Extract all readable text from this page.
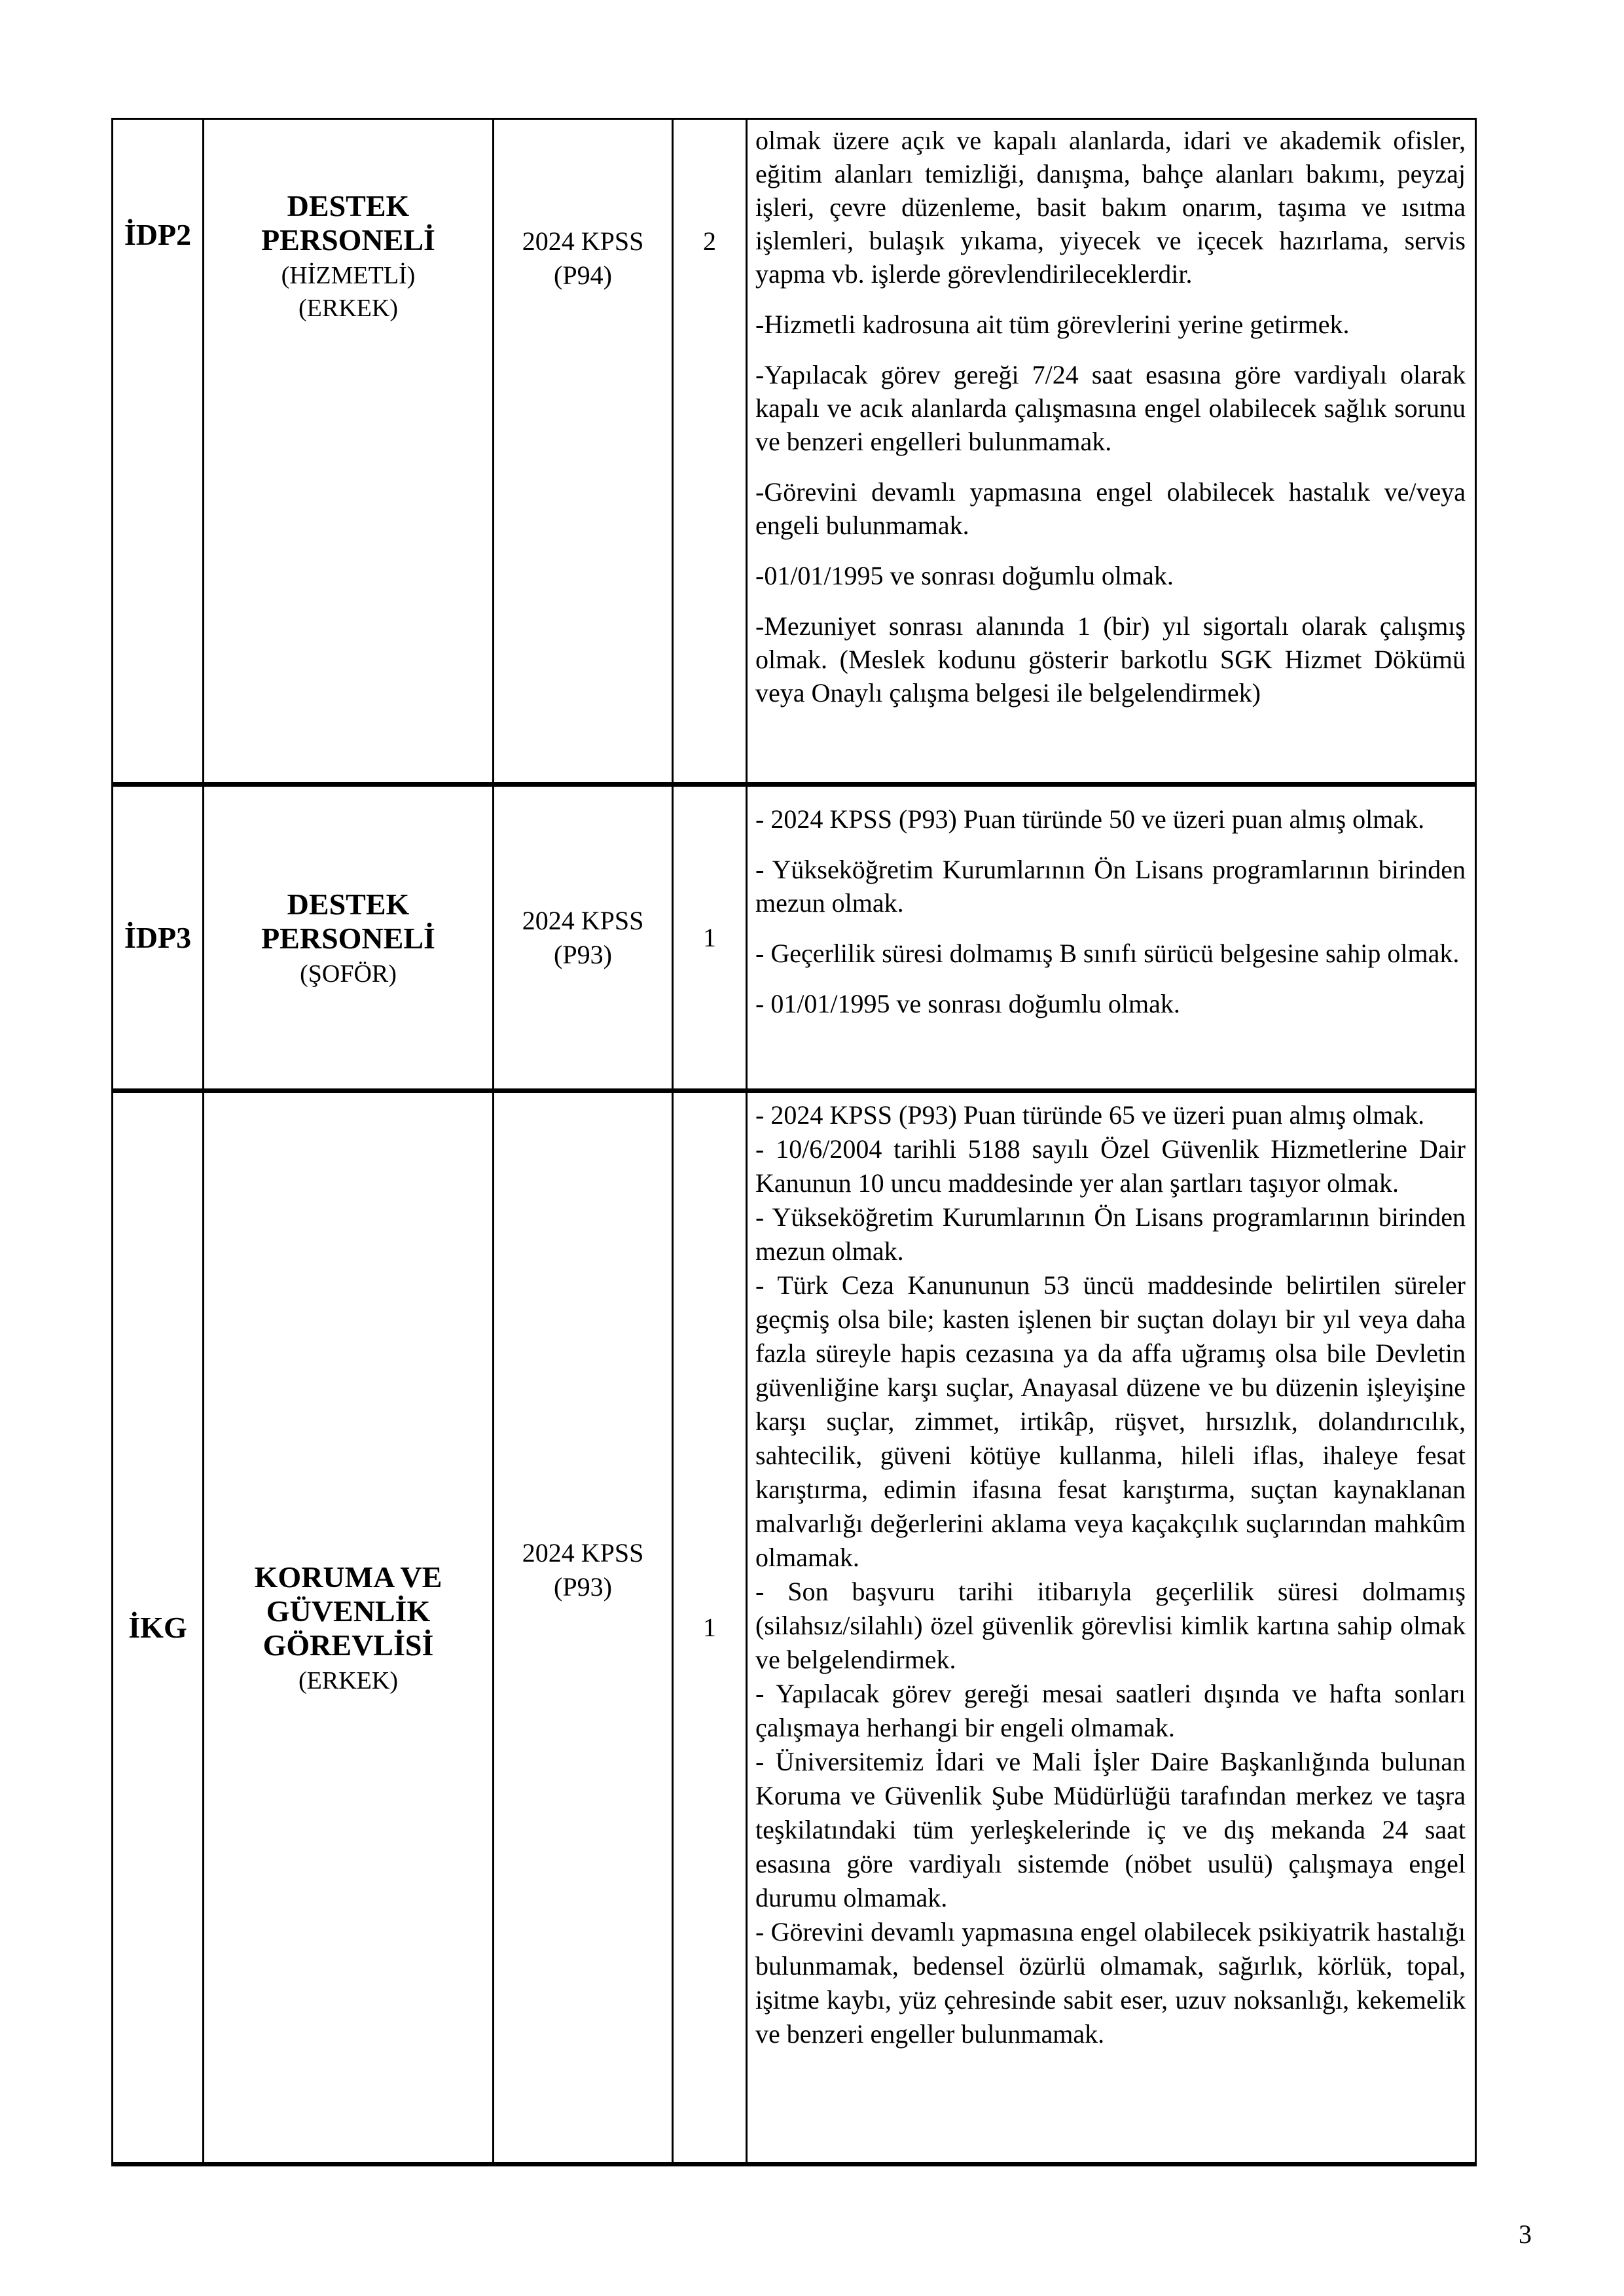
İDP2
DESTEK PERSONELİ
(HİZMETLİ)
(ERKEK)
2024 KPSS
(P94)
2

olmak üzere açık ve kapalı alanlarda, idari ve akademik ofisler, eğitim alanları temizliği, danışma, bahçe alanları bakımı, peyzaj işleri, çevre düzenleme, basit bakım onarım, taşıma ve ısıtma işlemleri, bulaşık yıkama, yiyecek ve içecek hazırlama, servis yapma vb. işlerde görevlendirileceklerdir.

-Hizmetli kadrosuna ait tüm görevlerini yerine getirmek.

-Yapılacak görev gereği 7/24 saat esasına göre vardiyalı olarak kapalı ve acık alanlarda çalışmasına engel olabilecek sağlık sorunu ve benzeri engelleri bulunmamak.

-Görevini devamlı yapmasına engel olabilecek hastalık ve/veya engeli bulunmamak.

-01/01/1995 ve sonrası doğumlu olmak.

-Mezuniyet sonrası alanında 1 (bir) yıl sigortalı olarak çalışmış olmak. (Meslek kodunu gösterir barkotlu SGK Hizmet Dökümü veya Onaylı çalışma belgesi ile belgelendirmek)

İDP3
DESTEK PERSONELİ
(ŞOFÖR)
2024 KPSS
(P93)
1

- 2024 KPSS (P93) Puan türünde 50 ve üzeri puan almış olmak.

- Yükseköğretim Kurumlarının Ön Lisans programlarının birinden mezun olmak.

- Geçerlilik süresi dolmamış B sınıfı sürücü belgesine sahip olmak.

- 01/01/1995 ve sonrası doğumlu olmak.

İKG
KORUMA VE GÜVENLİK GÖREVLİSİ
(ERKEK)
2024 KPSS
(P93)
1

- 2024 KPSS (P93) Puan türünde 65 ve üzeri puan almış olmak.

- 10/6/2004 tarihli 5188 sayılı Özel Güvenlik Hizmetlerine Dair Kanunun 10 uncu maddesinde yer alan şartları taşıyor olmak.

- Yükseköğretim Kurumlarının Ön Lisans programlarının birinden mezun olmak.

- Türk Ceza Kanununun 53 üncü maddesinde belirtilen süreler geçmiş olsa bile; kasten işlenen bir suçtan dolayı bir yıl veya daha fazla süreyle hapis cezasına ya da affa uğramış olsa bile Devletin güvenliğine karşı suçlar, Anayasal düzene ve bu düzenin işleyişine karşı suçlar, zimmet, irtikâp, rüşvet, hırsızlık, dolandırıcılık, sahtecilik, güveni kötüye kullanma, hileli iflas, ihaleye fesat karıştırma, edimin ifasına fesat karıştırma, suçtan kaynaklanan malvarlığı değerlerini aklama veya kaçakçılık suçlarından mahkûm olmamak.

- Son başvuru tarihi itibarıyla geçerlilik süresi dolmamış (silahsız/silahlı) özel güvenlik görevlisi kimlik kartına sahip olmak ve belgelendirmek.

- Yapılacak görev gereği mesai saatleri dışında ve hafta sonları çalışmaya herhangi bir engeli olmamak.

- Üniversitemiz İdari ve Mali İşler Daire Başkanlığında bulunan Koruma ve Güvenlik Şube Müdürlüğü tarafından merkez ve taşra teşkilatındaki tüm yerleşkelerinde iç ve dış mekanda 24 saat esasına göre vardiyalı sistemde (nöbet usulü) çalışmaya engel durumu olmamak.

- Görevini devamlı yapmasına engel olabilecek psikiyatrik hastalığı bulunmamak, bedensel özürlü olmamak, sağırlık, körlük, topal, işitme kaybı, yüz çehresinde sabit eser, uzuv noksanlığı, kekemelik ve benzeri engeller bulunmamak.

3
